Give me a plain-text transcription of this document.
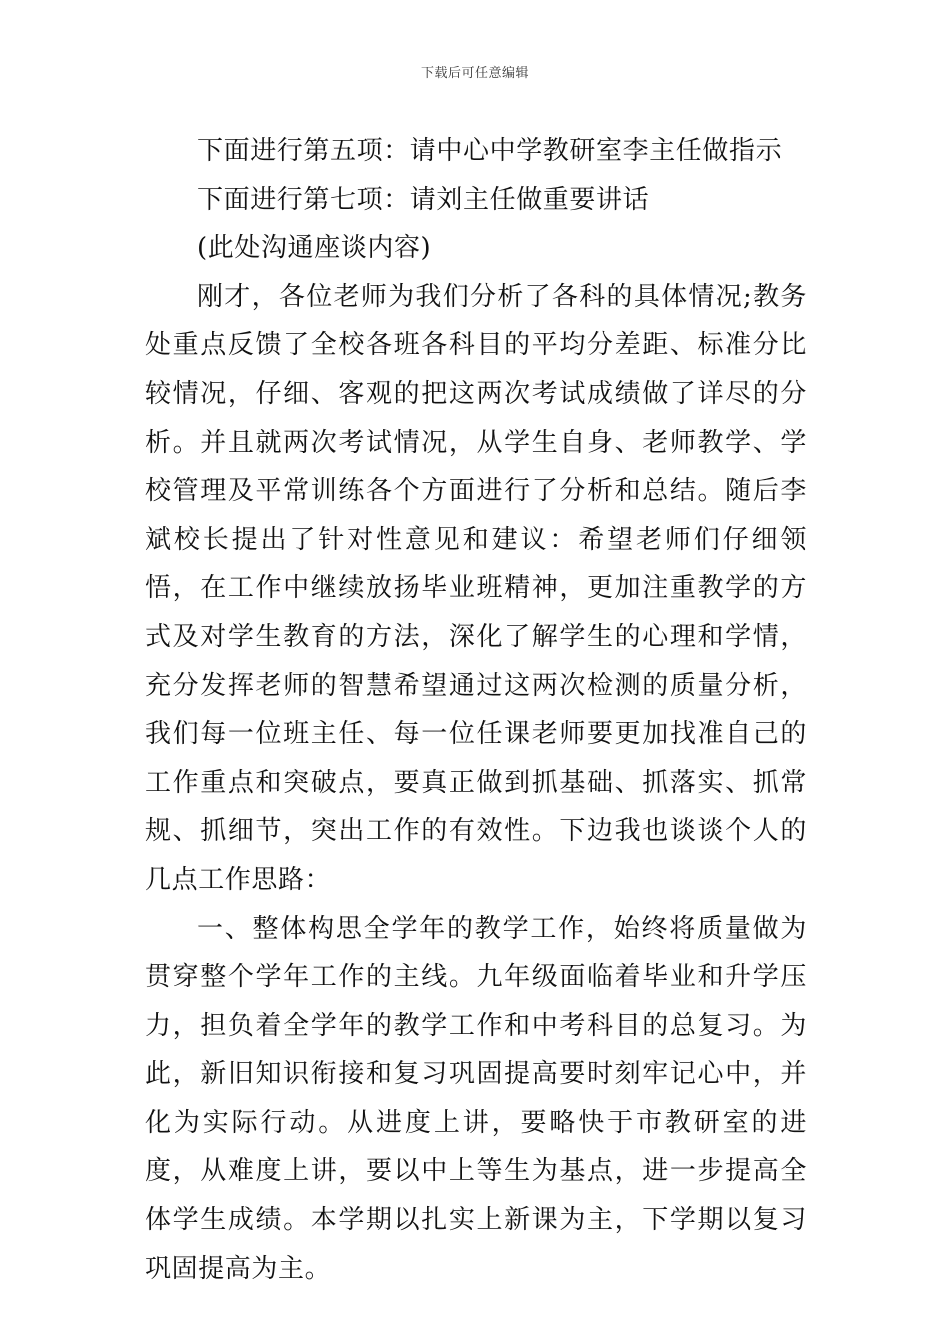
下载后可任意编辑

下面进行第五项：请中心中学教研室李主任做指示

下面进行第七项：请刘主任做重要讲话

(此处沟通座谈内容)

刚才，各位老师为我们分析了各科的具体情况;教务处重点反馈了全校各班各科目的平均分差距、标准分比较情况，仔细、客观的把这两次考试成绩做了详尽的分析。并且就两次考试情况，从学生自身、老师教学、学校管理及平常训练各个方面进行了分析和总结。随后李斌校长提出了针对性意见和建议：希望老师们仔细领悟，在工作中继续放扬毕业班精神，更加注重教学的方式及对学生教育的方法，深化了解学生的心理和学情，充分发挥老师的智慧希望通过这两次检测的质量分析，我们每一位班主任、每一位任课老师要更加找准自己的工作重点和突破点，要真正做到抓基础、抓落实、抓常规、抓细节，突出工作的有效性。下边我也谈谈个人的几点工作思路：

一、整体构思全学年的教学工作，始终将质量做为贯穿整个学年工作的主线。九年级面临着毕业和升学压力，担负着全学年的教学工作和中考科目的总复习。为此，新旧知识衔接和复习巩固提高要时刻牢记心中，并化为实际行动。从进度上讲，要略快于市教研室的进度，从难度上讲，要以中上等生为基点，进一步提高全体学生成绩。本学期以扎实上新课为主，下学期以复习巩固提高为主。
